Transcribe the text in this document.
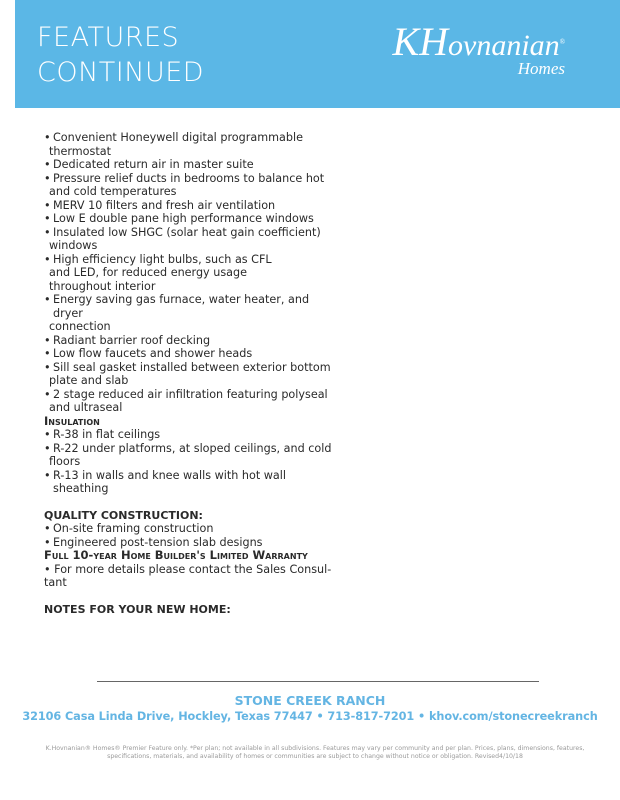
FEATURES
CONTINUED
KHovnanian®
Homes
• Convenient Honeywell digital programmable
thermostat
• Dedicated return air in master suite
• Pressure relief ducts in bedrooms to balance hot
and cold temperatures
• MERV 10 filters and fresh air ventilation
• Low E double pane high performance windows
• Insulated low SHGC (solar heat gain coefficient)
windows
• High efficiency light bulbs, such as CFL
and LED, for reduced energy usage
throughout interior
• Energy saving gas furnace, water heater, and dryer
connection
• Radiant barrier roof decking
• Low flow faucets and shower heads
• Sill seal gasket installed between exterior bottom
plate and slab
• 2 stage reduced air infiltration featuring polyseal
and ultraseal
Insulation
• R-38 in flat ceilings
• R-22 under platforms, at sloped ceilings, and cold
floors
• R-13 in walls and knee walls with hot wall sheathing
QUALITY CONSTRUCTION:
• On-site framing construction
• Engineered post-tension slab designs
Full 10-year Home Builder's Limited Warranty
• For more details please contact the Sales Consul-
tant
NOTES FOR YOUR NEW HOME:
STONE CREEK RANCH
32106 Casa Linda Drive, Hockley, Texas 77447 • 713-817-7201 • khov.com/stonecreekranch
K.Hovnanian® Homes® Premier Feature only. *Per plan; not available in all subdivisions. Features may vary per community and per plan. Prices, plans, dimensions, features,
specifications, materials, and availability of homes or communities are subject to change without notice or obligation. Revised4/10/18
